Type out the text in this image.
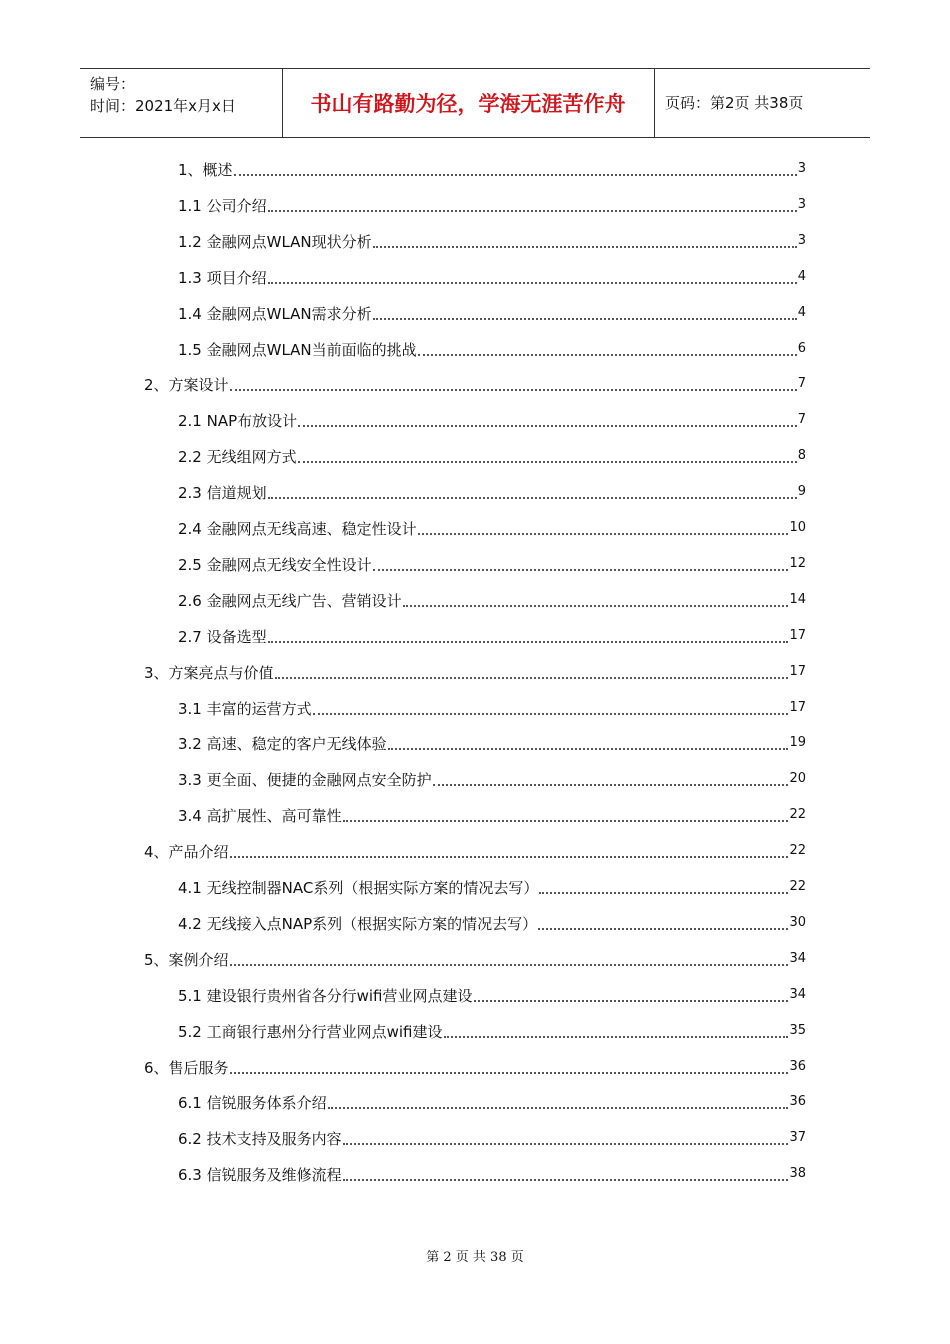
编号：
时间：2021年x月x日	书山有路勤为径，学海无涯苦作舟	页码：第2页 共38页
1、概述	3
1.1 公司介绍	3
1.2 金融网点WLAN现状分析	3
1.3 项目介绍	4
1.4 金融网点WLAN需求分析	4
1.5 金融网点WLAN当前面临的挑战	6
2、方案设计	7
2.1 NAP布放设计	7
2.2 无线组网方式	8
2.3 信道规划	9
2.4 金融网点无线高速、稳定性设计	10
2.5 金融网点无线安全性设计	12
2.6 金融网点无线广告、营销设计	14
2.7 设备选型	17
3、方案亮点与价值	17
3.1 丰富的运营方式	17
3.2 高速、稳定的客户无线体验	19
3.3 更全面、便捷的金融网点安全防护	20
3.4 高扩展性、高可靠性	22
4、产品介绍	22
4.1 无线控制器NAC系列（根据实际方案的情况去写）	22
4.2 无线接入点NAP系列（根据实际方案的情况去写）	30
5、案例介绍	34
5.1 建设银行贵州省各分行wifi营业网点建设	34
5.2 工商银行惠州分行营业网点wifi建设	35
6、售后服务	36
6.1 信锐服务体系介绍	36
6.2 技术支持及服务内容	37
6.3 信锐服务及维修流程	38
第 2 页 共 38 页
